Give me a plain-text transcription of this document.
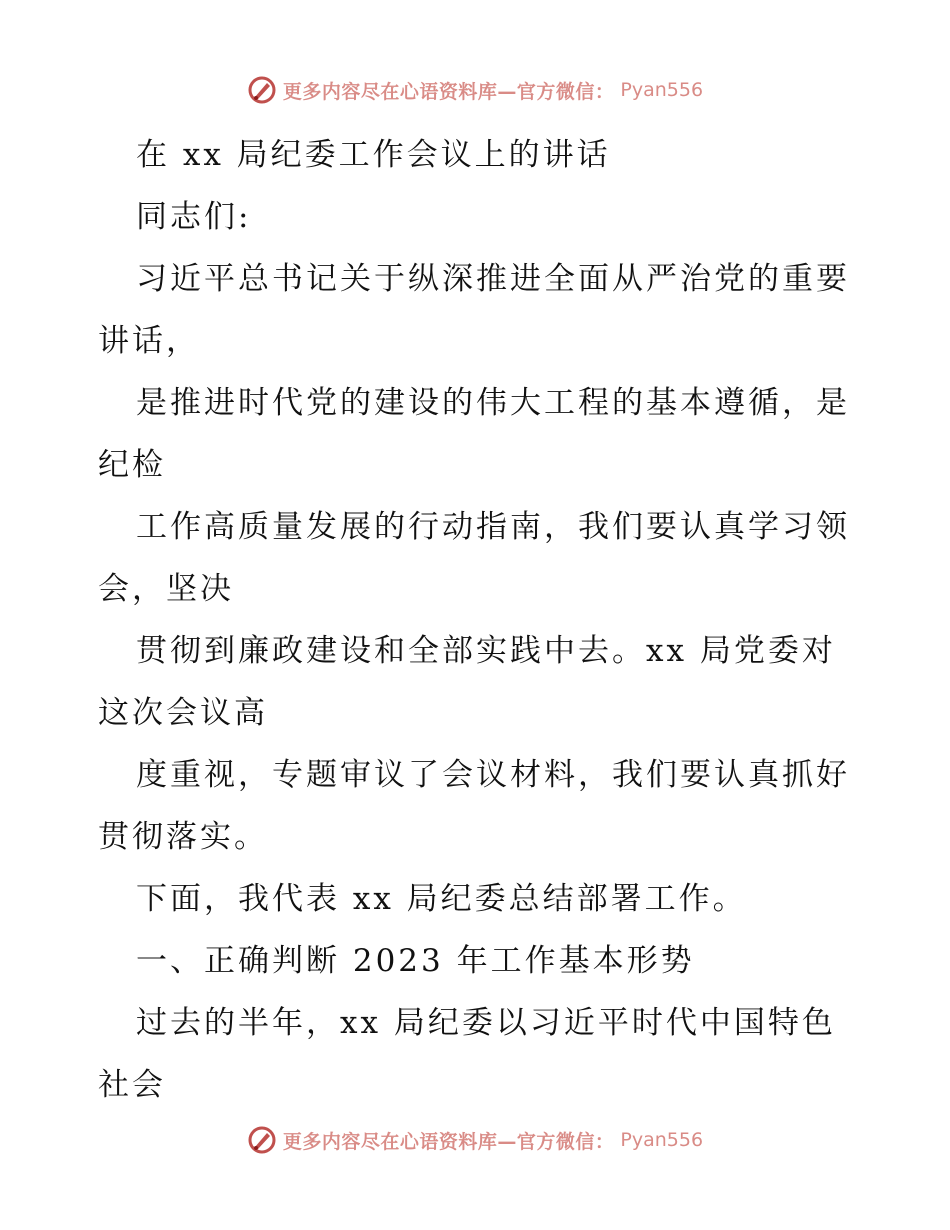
更多内容尽在心语资料库—官方微信： Pyan556
在 xx 局纪委工作会议上的讲话
同志们:
习近平总书记关于纵深推进全面从严治党的重要
讲话，
是推进时代党的建设的伟大工程的基本遵循，是
纪检
工作高质量发展的行动指南，我们要认真学习领
会，坚决
贯彻到廉政建设和全部实践中去。xx 局党委对
这次会议高
度重视，专题审议了会议材料，我们要认真抓好
贯彻落实。
下面，我代表 xx 局纪委总结部署工作。
一、正确判断 2023 年工作基本形势
过去的半年，xx 局纪委以习近平时代中国特色
社会
更多内容尽在心语资料库—官方微信： Pyan556
